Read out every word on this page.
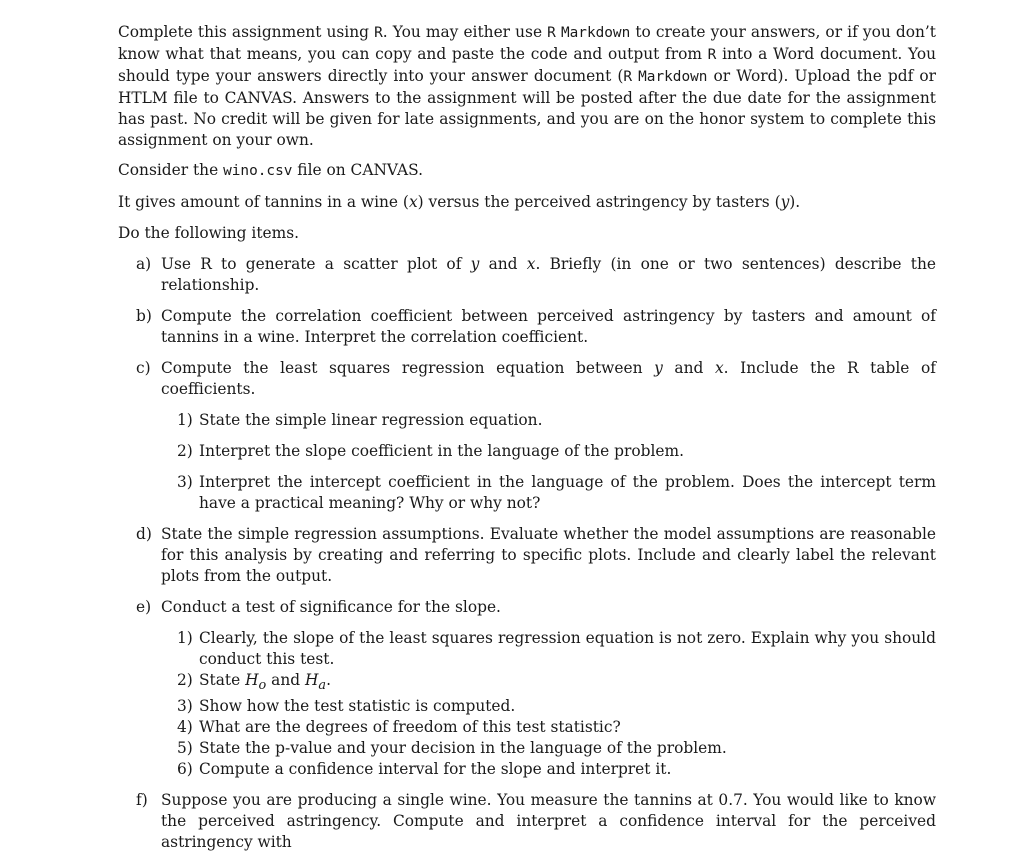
Complete this assignment using R. You may either use R Markdown to create your answers, or if you don’t know what that means, you can copy and paste the code and output from R into a Word document. You should type your answers directly into your answer document (R Markdown or Word). Upload the pdf or HTLM file to CANVAS. Answers to the assignment will be posted after the due date for the assignment has past. No credit will be given for late assignments, and you are on the honor system to complete this assignment on your own.

Consider the wino.csv file on CANVAS.

It gives amount of tannins in a wine (x) versus the perceived astringency by tasters (y).

Do the following items.

a) Use R to generate a scatter plot of y and x. Briefly (in one or two sentences) describe the relationship.
b) Compute the correlation coefficient between perceived astringency by tasters and amount of tannins in a wine. Interpret the correlation coefficient.
c) Compute the least squares regression equation between y and x. Include the R table of coefficients.
1) State the simple linear regression equation.
2) Interpret the slope coefficient in the language of the problem.
3) Interpret the intercept coefficient in the language of the problem. Does the intercept term have a practical meaning? Why or why not?
d) State the simple regression assumptions. Evaluate whether the model assumptions are reasonable for this analysis by creating and referring to specific plots. Include and clearly label the relevant plots from the output.
e) Conduct a test of significance for the slope.
1) Clearly, the slope of the least squares regression equation is not zero. Explain why you should conduct this test.
2) State $H_o$ and $H_a$.
3) Show how the test statistic is computed.
4) What are the degrees of freedom of this test statistic?
5) State the p-value and your decision in the language of the problem.
6) Compute a confidence interval for the slope and interpret it.
f) Suppose you are producing a single wine. You measure the tannins at 0.7. You would like to know the perceived astringency. Compute and interpret a confidence interval for the perceived astringency with
